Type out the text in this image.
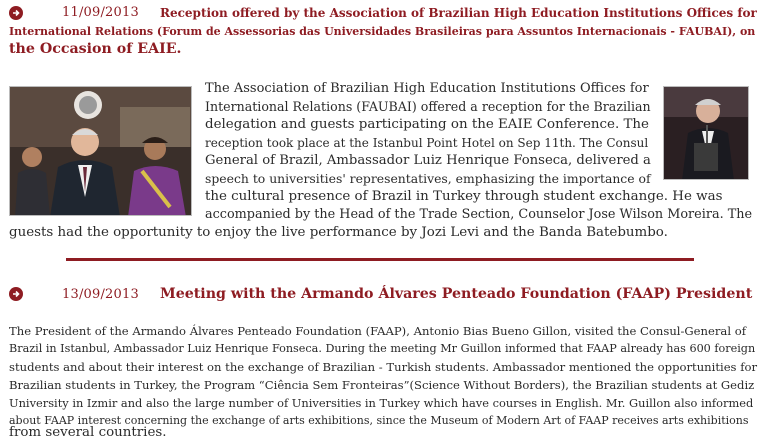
11/09/2013 Reception offered by the Association of Brazilian High Education Institutions Offices for
International Relations (Forum de Assessorias das Universidades Brasileiras para Assuntos Internacionais - FAUBAI), on
the Occasion of EAIE.
The Association of Brazilian High Education Institutions Offices for
International Relations (FAUBAI) offered a reception for the Brazilian
delegation and guests participating on the EAIE Conference. The
reception took place at the Istanbul Point Hotel on Sep 11th. The Consul
General of Brazil, Ambassador Luiz Henrique Fonseca, delivered a
speech to universities' representatives, emphasizing the importance of
the cultural presence of Brazil in Turkey through student exchange. He was
accompanied by the Head of the Trade Section, Counselor Jose Wilson Moreira. The
guests had the opportunity to enjoy the live performance by Jozi Levi and the Banda Batebumbo.
13/09/2013 Meeting with the Armando Álvares Penteado Foundation (FAAP) President
The President of the Armando Álvares Penteado Foundation (FAAP), Antonio Bias Bueno Gillon, visited the Consul-General of
Brazil in Istanbul, Ambassador Luiz Henrique Fonseca. During the meeting Mr Guillon informed that FAAP already has 600 foreign
students and about their interest on the exchange of Brazilian - Turkish students. Ambassador mentioned the opportunities for
Brazilian students in Turkey, the Program “Ciência Sem Fronteiras”(Science Without Borders), the Brazilian students at Gediz
University in Izmir and also the large number of Universities in Turkey which have courses in English. Mr. Guillon also informed
about FAAP interest concerning the exchange of arts exhibitions, since the Museum of Modern Art of FAAP receives arts exhibitions
from several countries.
